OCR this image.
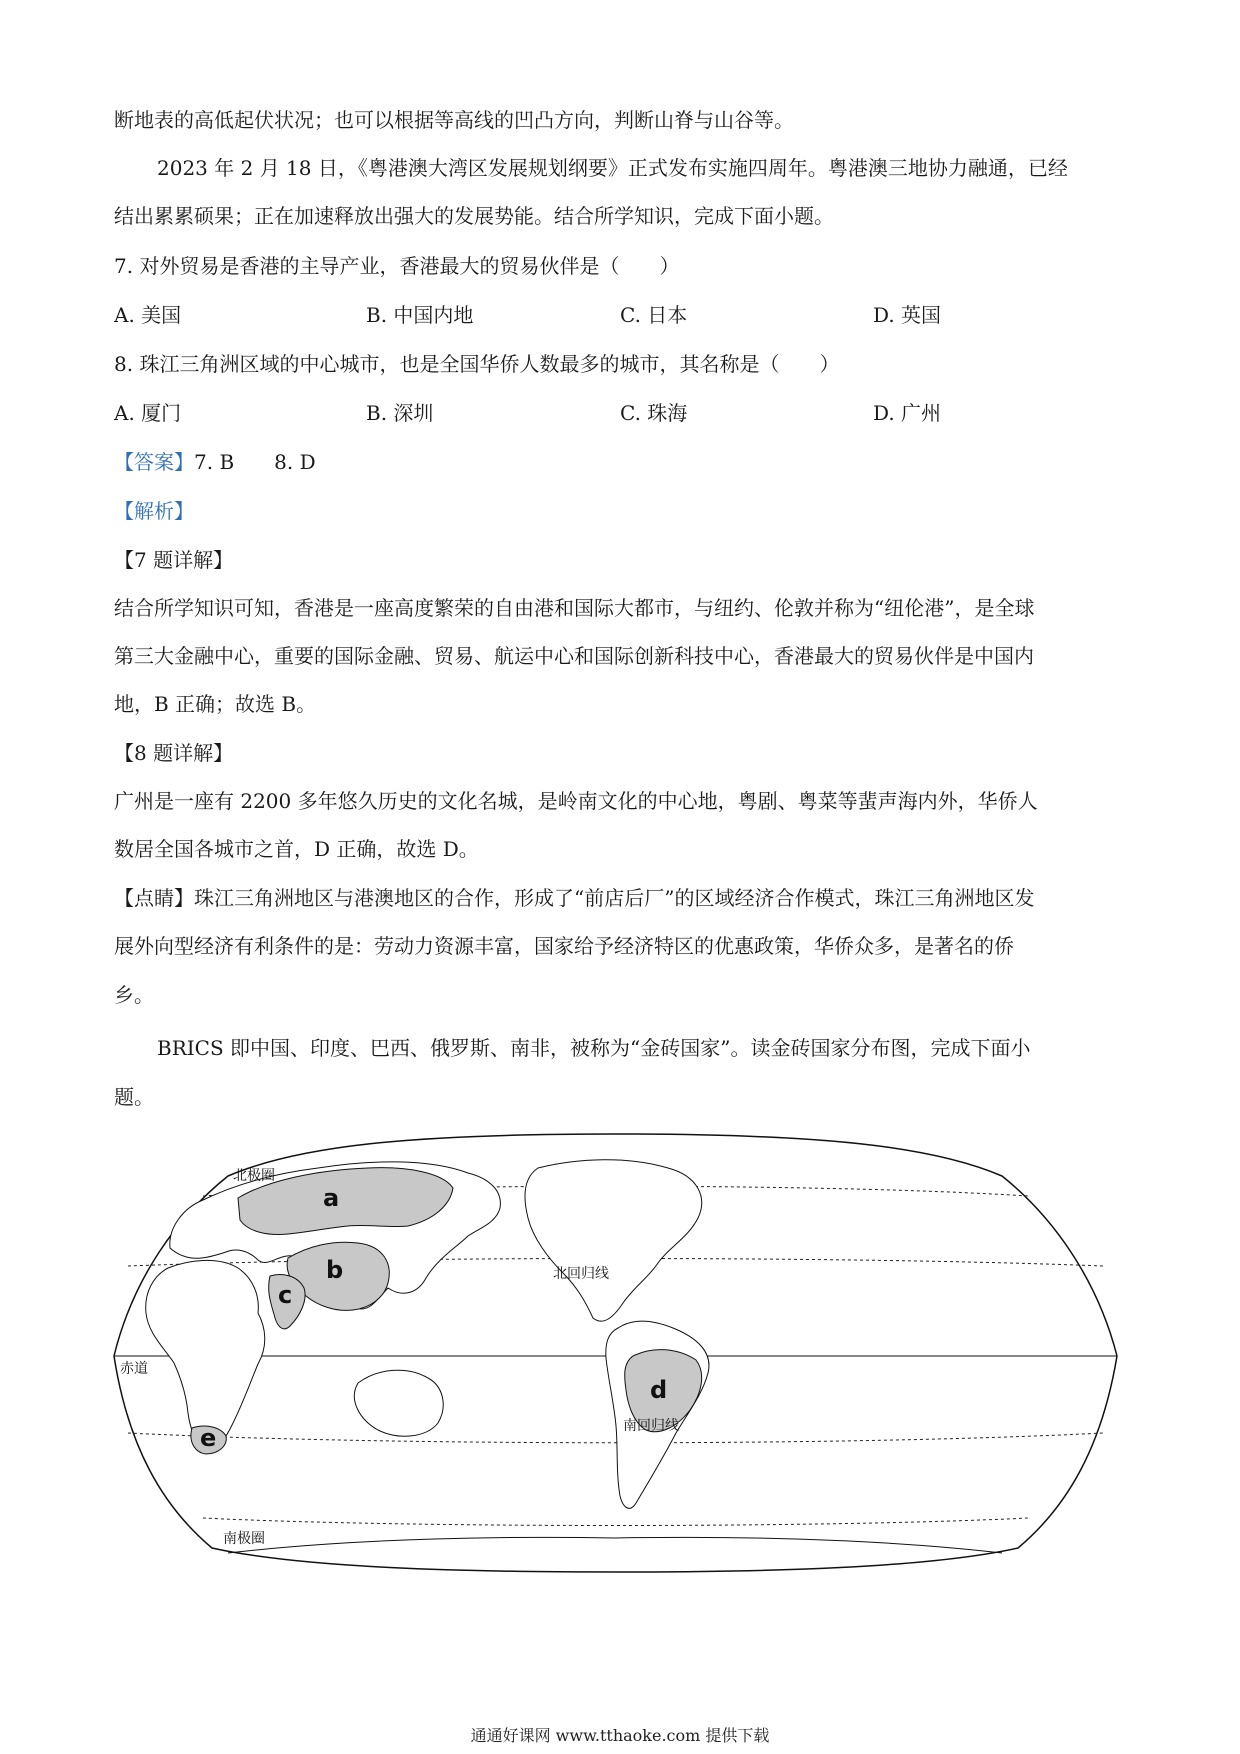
断地表的高低起伏状况；也可以根据等高线的凹凸方向，判断山脊与山谷等。
2023 年 2 月 18 日，《粤港澳大湾区发展规划纲要》正式发布实施四周年。粤港澳三地协力融通，已经
结出累累硕果；正在加速释放出强大的发展势能。结合所学知识，完成下面小题。
7. 对外贸易是香港的主导产业，香港最大的贸易伙伴是（　　）
A. 美国	B. 中国内地	C. 日本	D. 英国
8. 珠江三角洲区域的中心城市，也是全国华侨人数最多的城市，其名称是（　　）
A. 厦门	B. 深圳	C. 珠海	D. 广州
【答案】7. B　　8. D
【解析】
【7 题详解】
结合所学知识可知，香港是一座高度繁荣的自由港和国际大都市，与纽约、伦敦并称为“纽伦港”，是全球
第三大金融中心，重要的国际金融、贸易、航运中心和国际创新科技中心，香港最大的贸易伙伴是中国内
地，B 正确；故选 B。
【8 题详解】
广州是一座有 2200 多年悠久历史的文化名城，是岭南文化的中心地，粤剧、粤菜等蜚声海内外，华侨人
数居全国各城市之首，D 正确，故选 D。
【点睛】珠江三角洲地区与港澳地区的合作，形成了“前店后厂”的区域经济合作模式，珠江三角洲地区发
展外向型经济有利条件的是：劳动力资源丰富，国家给予经济特区的优惠政策，华侨众多，是著名的侨
乡。
BRICS 即中国、印度、巴西、俄罗斯、南非，被称为“金砖国家”。读金砖国家分布图，完成下面小
题。
a
b
c
d
e
北极圈
北回归线
赤道
南回归线
南极圈
通通好课网 www.tthaoke.com 提供下载
